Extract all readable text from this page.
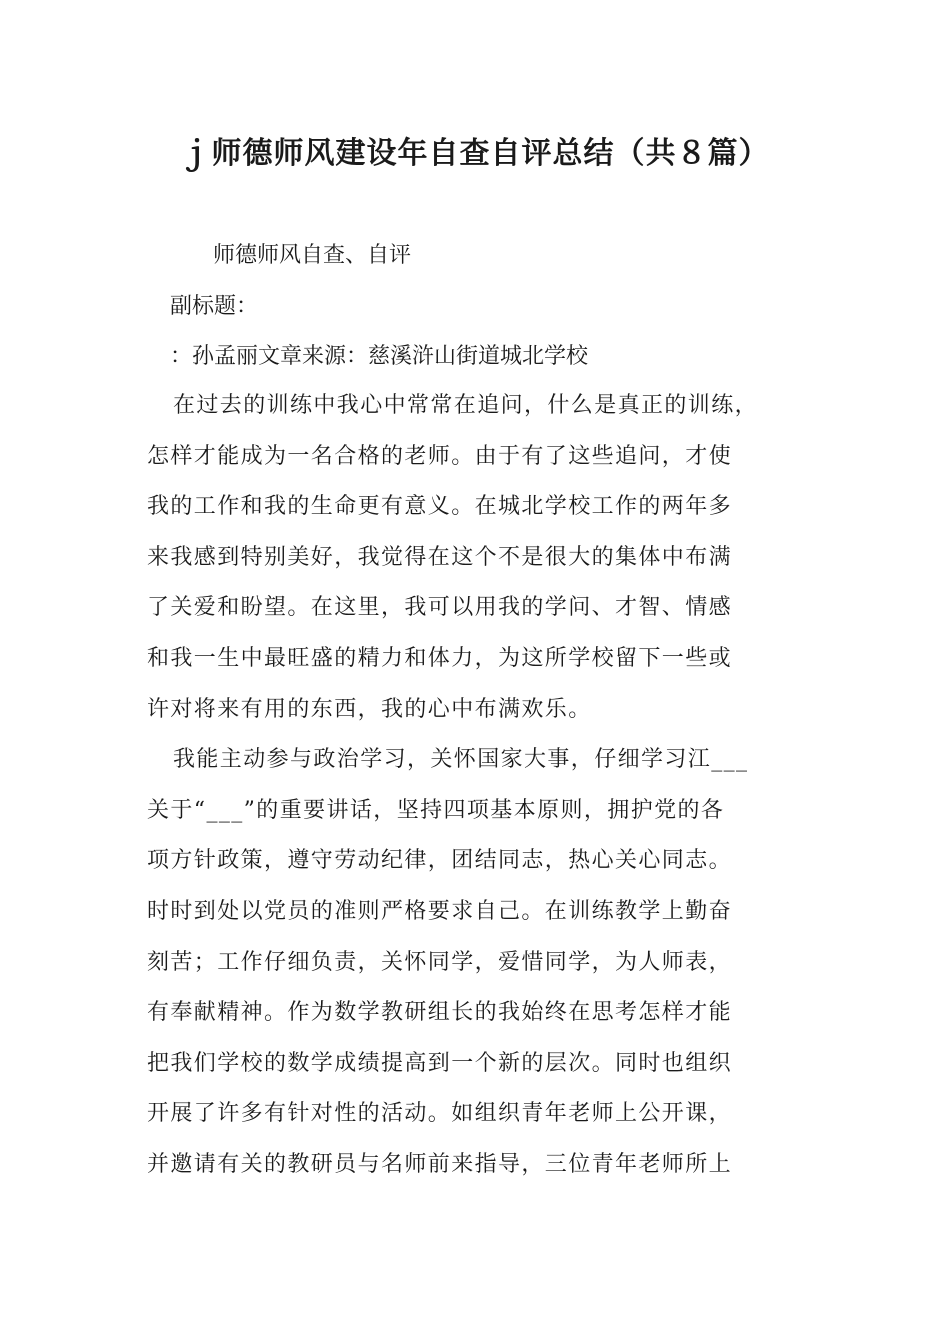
ｊ师德师风建设年自查自评总结（共８篇）

师德师风自查、自评

副标题：

：孙孟丽文章来源：慈溪浒山街道城北学校

在过去的训练中我心中常常在追问，什么是真正的训练，
怎样才能成为一名合格的老师。由于有了这些追问，才使
我的工作和我的生命更有意义。在城北学校工作的两年多
来我感到特别美好，我觉得在这个不是很大的集体中布满
了关爱和盼望。在这里，我可以用我的学问、才智、情感
和我一生中最旺盛的精力和体力，为这所学校留下一些或
许对将来有用的东西，我的心中布满欢乐。
我能主动参与政治学习，关怀国家大事，仔细学习江___
关于“___”的重要讲话，坚持四项基本原则，拥护党的各
项方针政策，遵守劳动纪律，团结同志，热心关心同志。
时时到处以党员的准则严格要求自己。在训练教学上勤奋
刻苦；工作仔细负责，关怀同学，爱惜同学，为人师表，
有奉献精神。作为数学教研组长的我始终在思考怎样才能
把我们学校的数学成绩提高到一个新的层次。同时也组织
开展了许多有针对性的活动。如组织青年老师上公开课，
并邀请有关的教研员与名师前来指导，三位青年老师所上
